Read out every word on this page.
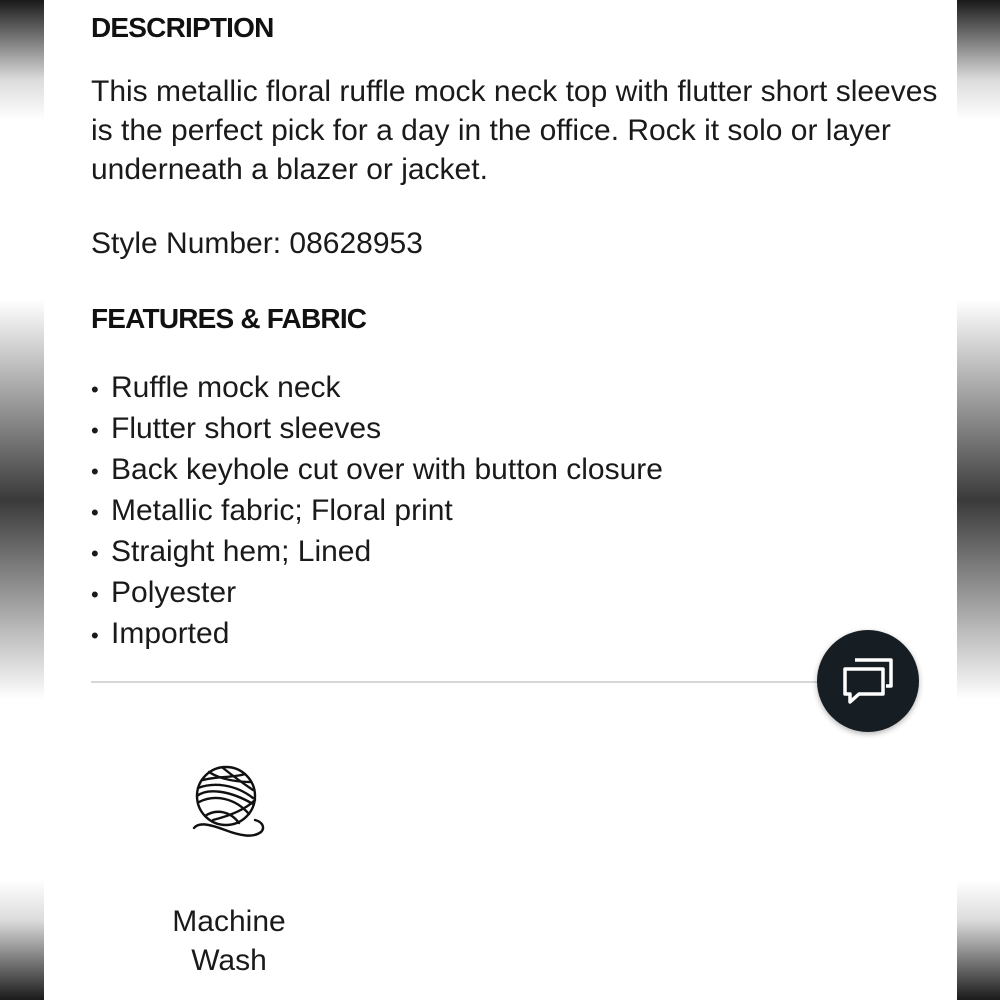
DESCRIPTION

This metallic floral ruffle mock neck top with flutter short sleeves is the perfect pick for a day in the office. Rock it solo or layer underneath a blazer or jacket.

Style Number: 08628953

FEATURES & FABRIC
• Ruffle mock neck
• Flutter short sleeves
• Back keyhole cut over with button closure
• Metallic fabric; Floral print
• Straight hem; Lined
• Polyester
• Imported

Machine Wash
